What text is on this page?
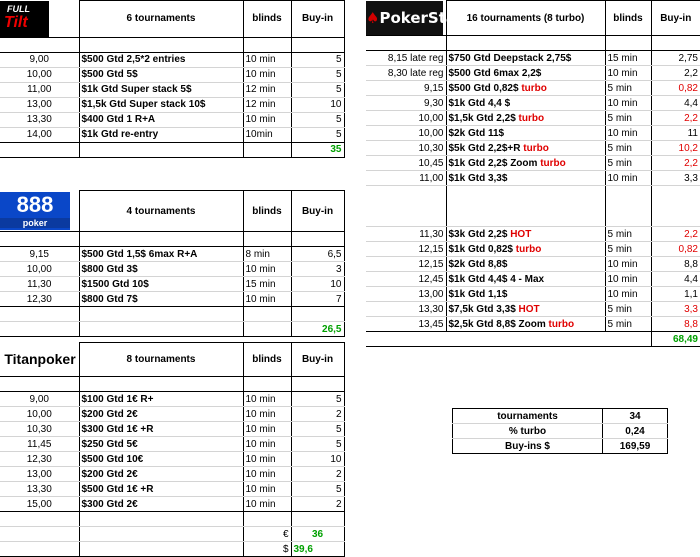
FULL
Tilt	6 tournaments	blinds	Buy-in

9,00	$500 Gtd 2,5*2 entries	10 min	5
10,00	$500 Gtd 5$	10 min	5
11,00	$1k Gtd Super stack 5$	12 min	5
13,00	$1,5k Gtd Super stack 10$	12 min	10
13,30	$400 Gtd 1 R+A	10 min	5
14,00	$1k Gtd re-entry	10min	5
			35
888
poker	4 tournaments	blinds	Buy-in

9,15	$500 Gtd 1,5$ 6max R+A	8 min	6,5
10,00	$800 Gtd 3$	10 min	3
11,30	$1500 Gtd 10$	15 min	10
12,30	$800 Gtd 7$	10 min	7

			26,5
Titanpoker	8 tournaments	blinds	Buy-in

9,00	$100 Gtd 1€ R+	10 min	5
10,00	$200 Gtd 2€	10 min	2
10,30	$300 Gtd 1€ +R	10 min	5
11,45	$250 Gtd 5€	10 min	5
12,30	$500 Gtd 10€	10 min	10
13,00	$200 Gtd 2€	10 min	2
13,30	$500 Gtd 1€ +R	10 min	5
15,00	$300 Gtd 2€	10 min	2

		€	36
		$	39,6
♠PokerStars	16 tournaments (8 turbo)	blinds	Buy-in

8,15 late reg	$750 Gtd Deepstack 2,75$	15 min	2,75
8,30 late reg	$500 Gtd 6max 2,2$	10 min	2,2
9,15	$500 Gtd 0,82$ turbo	5 min	0,82
9,30	$1k Gtd 4,4 $	10 min	4,4
10,00	$1,5k Gtd 2,2$ turbo	5 min	2,2
10,00	$2k Gtd 11$	10 min	11
10,30	$5k Gtd 2,2$+R turbo	5 min	10,2
10,45	$1k Gtd 2,2$ Zoom turbo	5 min	2,2
11,00	$1k Gtd 3,3$	10 min	3,3

11,30	$3k Gtd 2,2$ HOT	5 min	2,2
12,15	$1k Gtd 0,82$ turbo	5 min	0,82
12,15	$2k Gtd 8,8$	10 min	8,8
12,45	$1k Gtd 4,4$ 4 - Max	10 min	4,4
13,00	$1k Gtd 1,1$	10 min	1,1
13,30	$7,5k Gtd 3,3$ HOT	5 min	3,3
13,45	$2,5k Gtd 8,8$ Zoom turbo	5 min	8,8
			68,49
tournaments	34
% turbo	0,24
Buy-ins $	169,59
